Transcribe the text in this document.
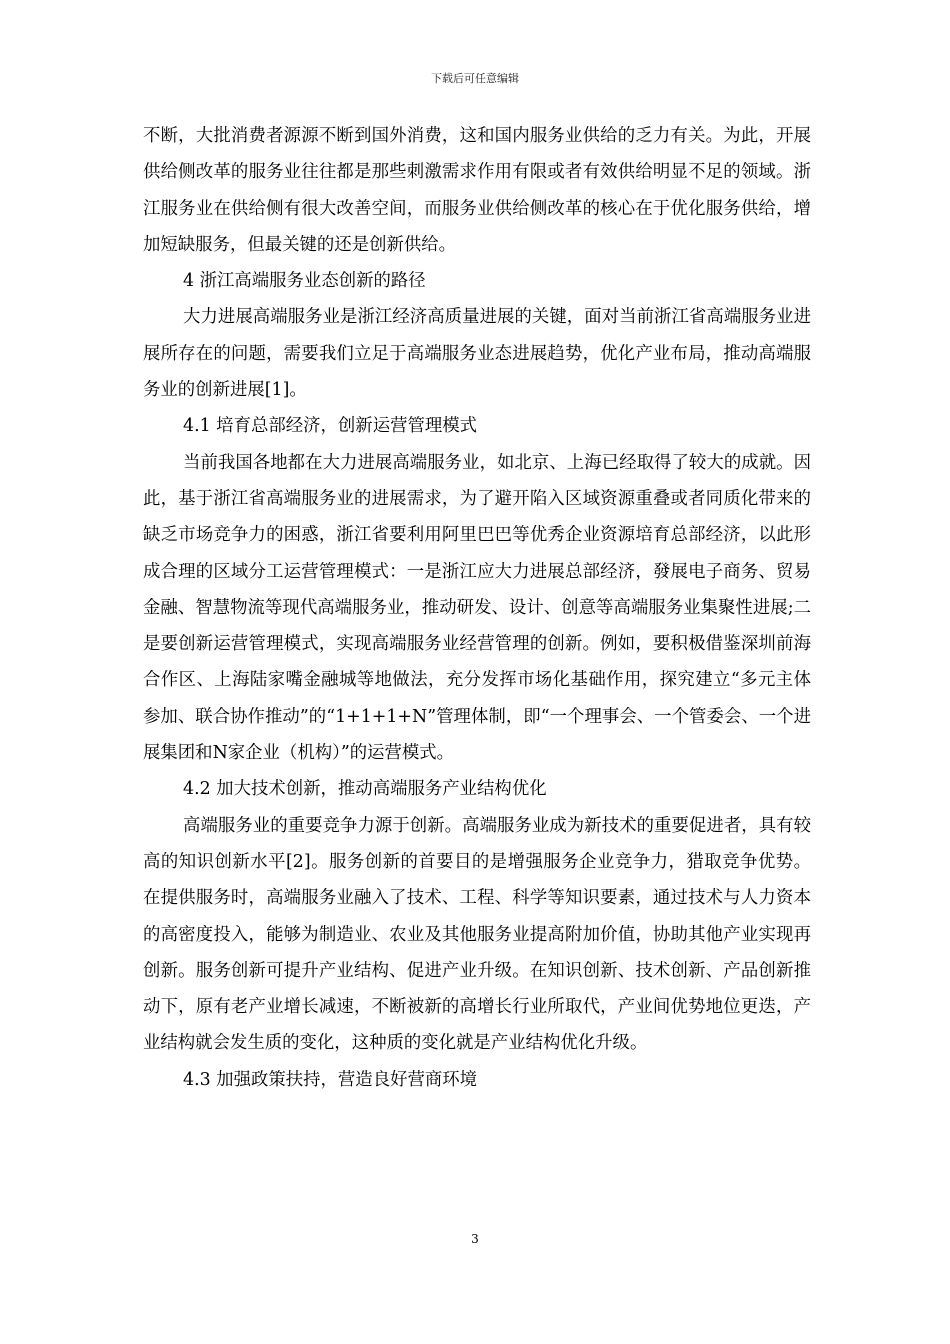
下载后可任意编辑

不断，大批消费者源源不断到国外消费，这和国内服务业供给的乏力有关。为此，开展供给侧改革的服务业往往都是那些刺激需求作用有限或者有效供给明显不足的领域。浙江服务业在供给侧有很大改善空间，而服务业供给侧改革的核心在于优化服务供给，增加短缺服务，但最关键的还是创新供给。

4 浙江高端服务业态创新的路径

大力进展高端服务业是浙江经济高质量进展的关键，面对当前浙江省高端服务业进展所存在的问题，需要我们立足于高端服务业态进展趋势，优化产业布局，推动高端服务业的创新进展[1]。

4.1 培育总部经济，创新运营管理模式

当前我国各地都在大力进展高端服务业，如北京、上海已经取得了较大的成就。因此，基于浙江省高端服务业的进展需求，为了避开陷入区域资源重叠或者同质化带来的缺乏市场竞争力的困惑，浙江省要利用阿里巴巴等优秀企业资源培育总部经济，以此形成合理的区域分工运营管理模式：一是浙江应大力进展总部经济，發展电子商务、贸易金融、智慧物流等现代高端服务业，推动研发、设计、创意等高端服务业集聚性进展;二是要创新运营管理模式，实现高端服务业经营管理的创新。例如，要积极借鉴深圳前海合作区、上海陆家嘴金融城等地做法，充分发挥市场化基础作用，探究建立“多元主体参加、联合协作推动”的“1+1+1+N”管理体制，即“一个理事会、一个管委会、一个进展集团和N家企业（机构）”的运营模式。

4.2 加大技术创新，推动高端服务产业结构优化

高端服务业的重要竞争力源于创新。高端服务业成为新技术的重要促进者，具有较高的知识创新水平[2]。服务创新的首要目的是增强服务企业竞争力，猎取竞争优势。在提供服务时，高端服务业融入了技术、工程、科学等知识要素，通过技术与人力资本的高密度投入，能够为制造业、农业及其他服务业提高附加价值，协助其他产业实现再创新。服务创新可提升产业结构、促进产业升级。在知识创新、技术创新、产品创新推动下，原有老产业增长减速，不断被新的高增长行业所取代，产业间优势地位更迭，产业结构就会发生质的变化，这种质的变化就是产业结构优化升级。

4.3 加强政策扶持，营造良好营商环境

3
